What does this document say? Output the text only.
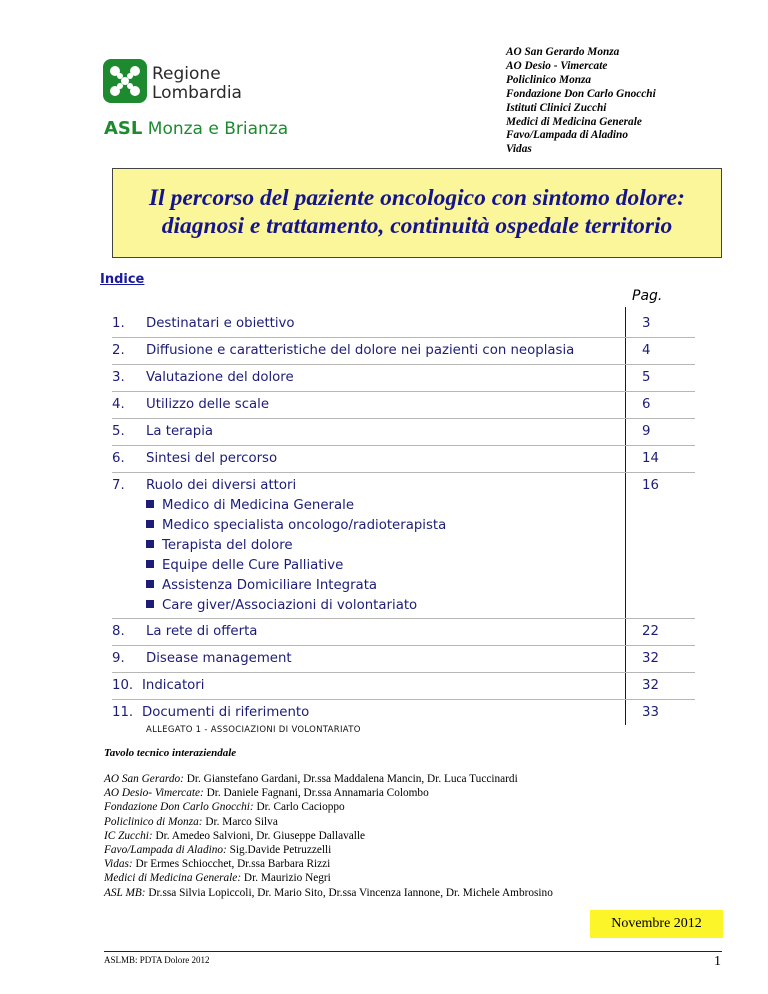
Regione
Lombardia
ASL Monza e Brianza
AO San Gerardo Monza
AO Desio - Vimercate
Policlinico Monza
Fondazione Don Carlo Gnocchi
Istituti Clinici Zucchi
Medici di Medicina Generale
Favo/Lampada di Aladino
Vidas
Il percorso del paziente oncologico con sintomo dolore:
diagnosi e trattamento, continuità ospedale territorio
Indice
Pag.
1. Destinatari e obiettivo	3
2. Diffusione e caratteristiche del dolore nei pazienti con neoplasia	4
3. Valutazione del dolore	5
4. Utilizzo delle scale	6
5. La terapia	9
6. Sintesi del percorso	14
7. Ruolo dei diversi attori	16
Medico di Medicina Generale
Medico specialista oncologo/radioterapista
Terapista del dolore
Equipe delle Cure Palliative
Assistenza Domiciliare Integrata
Care giver/Associazioni di volontariato
8. La rete di offerta	22
9. Disease management	32
10. Indicatori	32
11. Documenti di riferimento	33
ALLEGATO 1 - ASSOCIAZIONI DI VOLONTARIATO
Tavolo tecnico interaziendale
AO San Gerardo: Dr. Gianstefano Gardani, Dr.ssa Maddalena Mancin, Dr. Luca Tuccinardi
AO Desio- Vimercate: Dr. Daniele Fagnani, Dr.ssa Annamaria Colombo
Fondazione Don Carlo Gnocchi: Dr. Carlo Cacioppo
Policlinico di Monza: Dr. Marco Silva
IC Zucchi: Dr. Amedeo Salvioni, Dr. Giuseppe Dallavalle
Favo/Lampada di Aladino: Sig.Davide Petruzzelli
Vidas: Dr Ermes Schiocchet, Dr.ssa Barbara Rizzi
Medici di Medicina Generale: Dr. Maurizio Negri
ASL MB: Dr.ssa Silvia Lopiccoli, Dr. Mario Sito, Dr.ssa Vincenza Iannone, Dr. Michele Ambrosino
Novembre 2012
ASLMB: PDTA Dolore 2012	1
